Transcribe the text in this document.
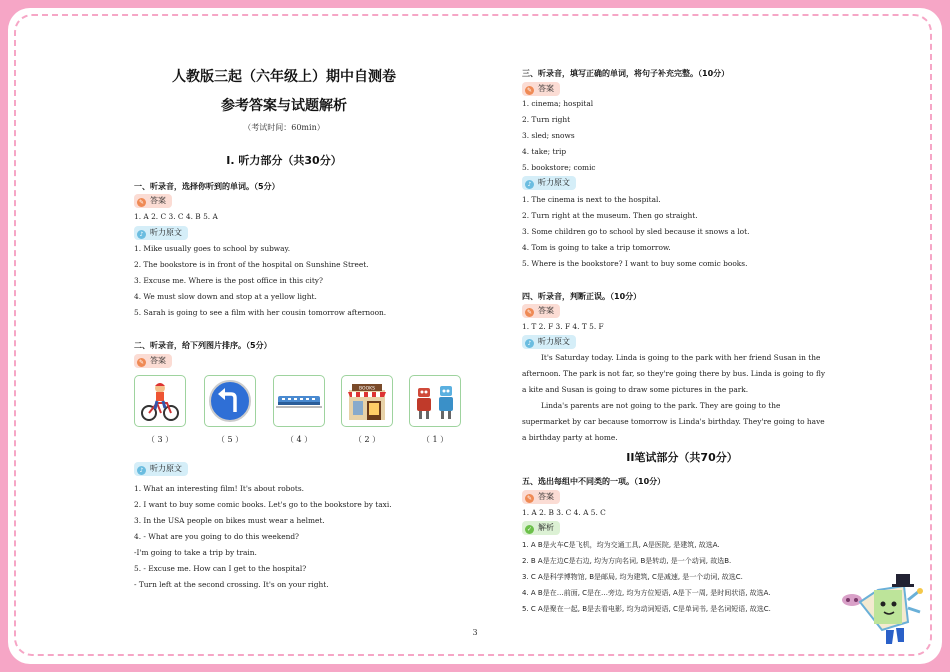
人教版三起（六年级上）期中自测卷
参考答案与试题解析
（考试时间：60min）
I. 听力部分（共30分）
一、听录音，选择你听到的单词。（5分）
✎ 答案
1. A 2. C 3. C 4. B 5. A
♪ 听力原文
1. Mike usually goes to school by subway.
2. The bookstore is in front of the hospital on Sunshine Street.
3. Excuse me. Where is the post office in this city?
4. We must slow down and stop at a yellow light.
5. Sarah is going to see a film with her cousin tomorrow afternoon.
二、听录音，给下列图片排序。（5分）
✎ 答案
BOOKS
（ 3 ）	（ 5 ）	（ 4 ）	（ 2 ）	（ 1 ）
♪ 听力原文
1. What an interesting film! It's about robots.
2. I want to buy some comic books. Let's go to the bookstore by taxi.
3. In the USA people on bikes must wear a helmet.
4. - What are you going to do this weekend?
-I'm going to take a trip by train.
5. - Excuse me. How can I get to the hospital?
- Turn left at the second crossing. It's on your right.
三、听录音，填写正确的单词，将句子补充完整。（10分）
✎ 答案
1. cinema; hospital
2. Turn right
3. sled; snows
4. take; trip
5. bookstore; comic
♪ 听力原文
1. The cinema is next to the hospital.
2. Turn right at the museum. Then go straight.
3. Some children go to school by sled because it snows a lot.
4. Tom is going to take a trip tomorrow.
5. Where is the bookstore? I want to buy some comic books.
四、听录音，判断正误。（10分）
✎ 答案
1. T 2. F 3. F 4. T 5. F
♪ 听力原文
It's Saturday today. Linda is going to the park with her friend Susan in the afternoon. The park is not far, so they're going there by bus. Linda is going to fly a kite and Susan is going to draw some pictures in the park.
Linda's parents are not going to the park. They are going to the supermarket by car because tomorrow is Linda's birthday. They're going to have a birthday party at home.
II笔试部分（共70分）
五、选出每组中不同类的一项。（10分）
✎ 答案
1. A 2. B 3. C 4. A 5. C
✓ 解析
1. A B是火车C是飞机，均为交通工具, A是医院, 是建筑, 故选A.
2. B A是左边C是右边, 均为方向名词, B是转动, 是一个动词, 故选B.
3. C A是科学博物馆, B是邮局, 均为建筑, C是减速, 是一个动词, 故选C.
4. A B是在…前面, C是在…旁边, 均为方位短语, A是下一周, 是时间状语, 故选A.
5. C A是聚在一起, B是去看电影, 均为动词短语, C是单词书, 是名词短语, 故选C.
3
